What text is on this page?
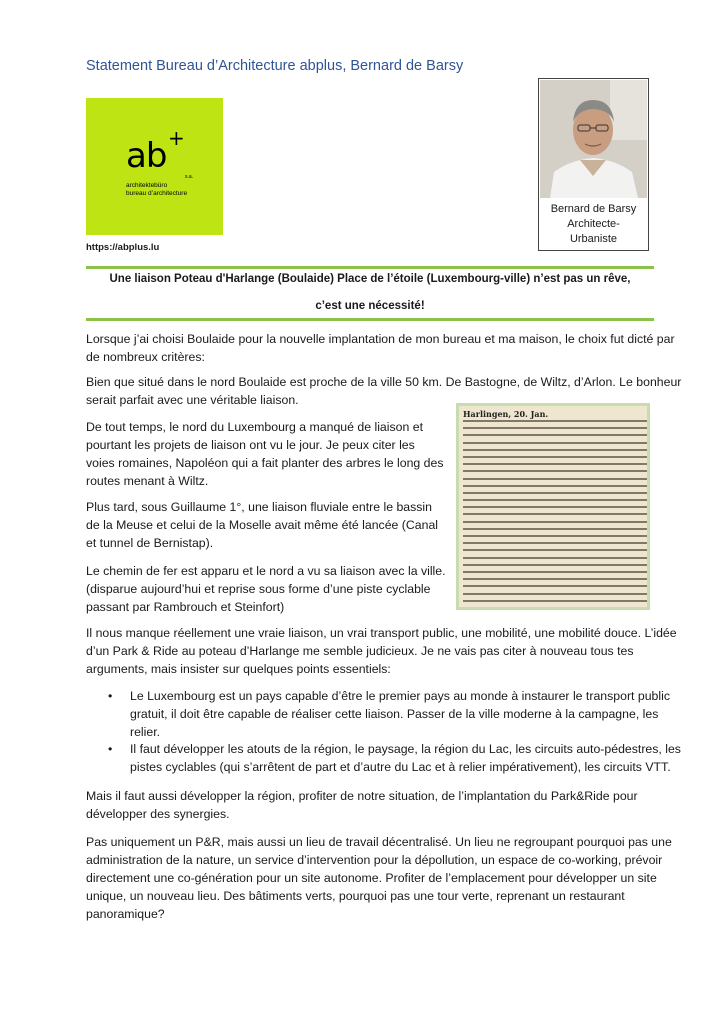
Statement Bureau d’Architecture abplus, Bernard de Barsy
ab +
s.a.
architektebüro
bureau d’architecture
https://abplus.lu
Bernard de Barsy
Architecte-
Urbaniste
Une liaison Poteau d'Harlange (Boulaide) Place de l’étoile (Luxembourg-ville) n’est pas un rêve,
c’est une nécessité!
Lorsque j’ai choisi Boulaide pour la nouvelle implantation de mon bureau et ma maison, le choix fut dicté par de nombreux critères:
Bien que situé dans le nord Boulaide est proche de la ville 50 km. De Bastogne, de Wiltz, d’Arlon. Le bonheur serait parfait avec une véritable liaison.
De tout temps, le nord du Luxembourg a manqué de liaison et pourtant les projets de liaison ont vu le jour. Je peux citer les voies romaines, Napoléon qui a fait planter des arbres le long des routes menant à Wiltz.
Plus tard, sous Guillaume 1°, une liaison fluviale entre le bassin de la Meuse et celui de la Moselle avait même été lancée (Canal et tunnel de Bernistap).
Le chemin de fer est apparu et le nord a vu sa liaison avec la ville. (disparue aujourd’hui et reprise sous forme d’une piste cyclable passant par Rambrouch et Steinfort)
Harlingen, 20. Jan.
Il nous manque réellement une vraie liaison, un vrai transport public, une mobilité, une mobilité douce. L’idée d’un Park & Ride au poteau d’Harlange me semble judicieux. Je ne vais pas citer à nouveau tous tes arguments, mais insister sur quelques points essentiels:
• Le Luxembourg est un pays capable d’être le premier pays au monde à instaurer le transport public gratuit, il doit être capable de réaliser cette liaison. Passer de la ville moderne à la campagne, les relier.
• Il faut développer les atouts de la région, le paysage, la région du Lac, les circuits auto-pédestres, les pistes cyclables (qui s’arrêtent de part et d’autre du Lac et à relier impérativement), les circuits VTT.
Mais il faut aussi développer la région, profiter de notre situation, de l’implantation du Park&Ride pour développer des synergies.
Pas uniquement un P&R, mais aussi un lieu de travail décentralisé. Un lieu ne regroupant pourquoi pas une administration de la nature, un service d’intervention pour la dépollution, un espace de co-working, prévoir directement une co-génération pour un site autonome. Profiter de l’emplacement pour développer un site unique, un nouveau lieu. Des bâtiments verts, pourquoi pas une tour verte, reprenant un restaurant panoramique?
